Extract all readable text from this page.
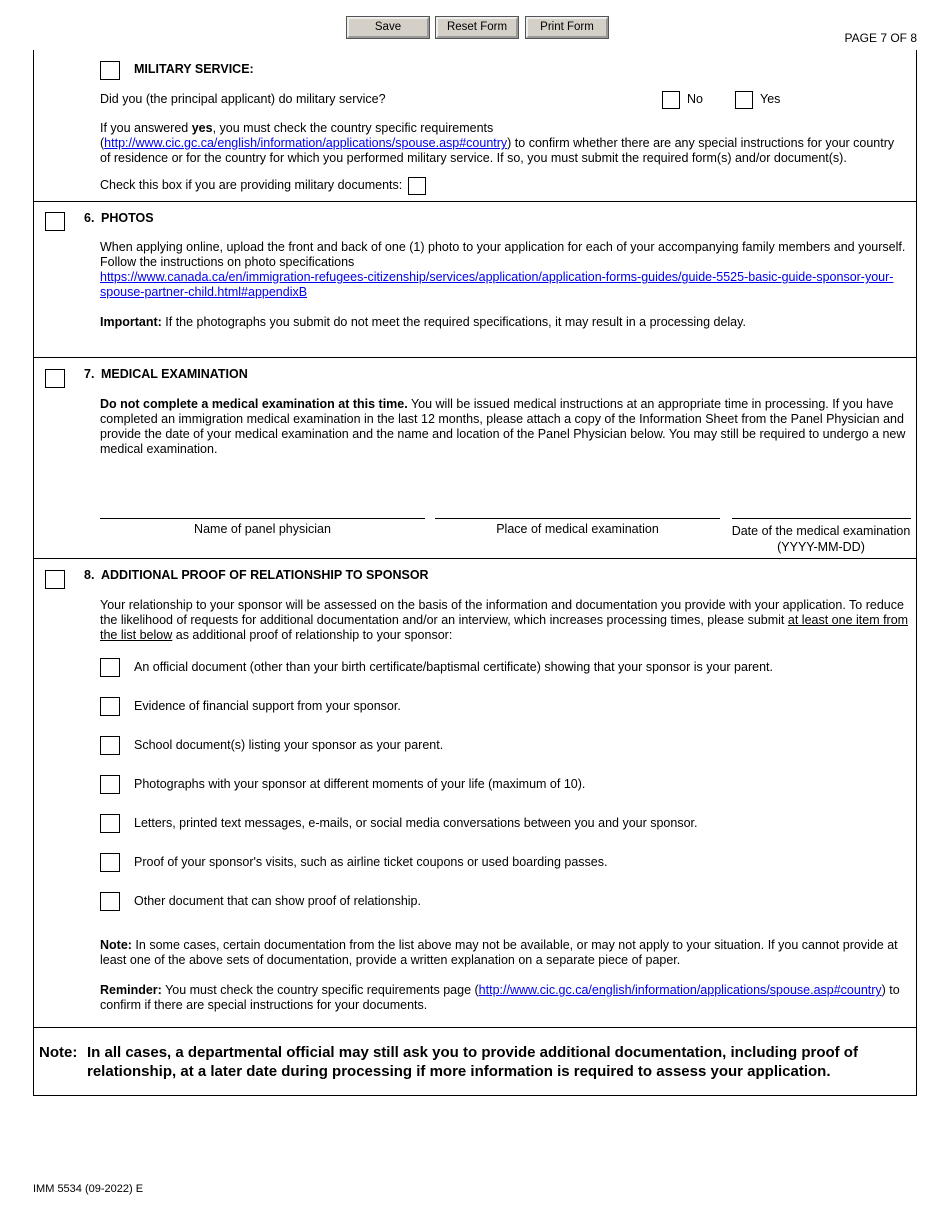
Save	Reset Form	Print Form
PAGE 7 OF 8
MILITARY SERVICE:
Did you (the principal applicant) do military service?	No	Yes
If you answered yes, you must check the country specific requirements (http://www.cic.gc.ca/english/information/applications/spouse.asp#country) to confirm whether there are any special instructions for your country of residence or for the country for which you performed military service. If so, you must submit the required form(s) and/or document(s).
Check this box if you are providing military documents:
6. PHOTOS
When applying online, upload the front and back of one (1) photo to your application for each of your accompanying family members and yourself. Follow the instructions on photo specifications
https://www.canada.ca/en/immigration-refugees-citizenship/services/application/application-forms-guides/guide-5525-basic-guide-sponsor-your-spouse-partner-child.html#appendixB
Important: If the photographs you submit do not meet the required specifications, it may result in a processing delay.
7. MEDICAL EXAMINATION
Do not complete a medical examination at this time. You will be issued medical instructions at an appropriate time in processing. If you have completed an immigration medical examination in the last 12 months, please attach a copy of the Information Sheet from the Panel Physician and provide the date of your medical examination and the name and location of the Panel Physician below. You may still be required to undergo a new medical examination.
Name of panel physician	Place of medical examination	Date of the medical examination
(YYYY-MM-DD)
8. ADDITIONAL PROOF OF RELATIONSHIP TO SPONSOR
Your relationship to your sponsor will be assessed on the basis of the information and documentation you provide with your application. To reduce the likelihood of requests for additional documentation and/or an interview, which increases processing times, please submit at least one item from the list below as additional proof of relationship to your sponsor:
An official document (other than your birth certificate/baptismal certificate) showing that your sponsor is your parent.
Evidence of financial support from your sponsor.
School document(s) listing your sponsor as your parent.
Photographs with your sponsor at different moments of your life (maximum of 10).
Letters, printed text messages, e-mails, or social media conversations between you and your sponsor.
Proof of your sponsor's visits, such as airline ticket coupons or used boarding passes.
Other document that can show proof of relationship.
Note: In some cases, certain documentation from the list above may not be available, or may not apply to your situation. If you cannot provide at least one of the above sets of documentation, provide a written explanation on a separate piece of paper.
Reminder: You must check the country specific requirements page (http://www.cic.gc.ca/english/information/applications/spouse.asp#country) to confirm if there are special instructions for your documents.
Note: In all cases, a departmental official may still ask you to provide additional documentation, including proof of relationship, at a later date during processing if more information is required to assess your application.
IMM 5534 (09-2022) E
